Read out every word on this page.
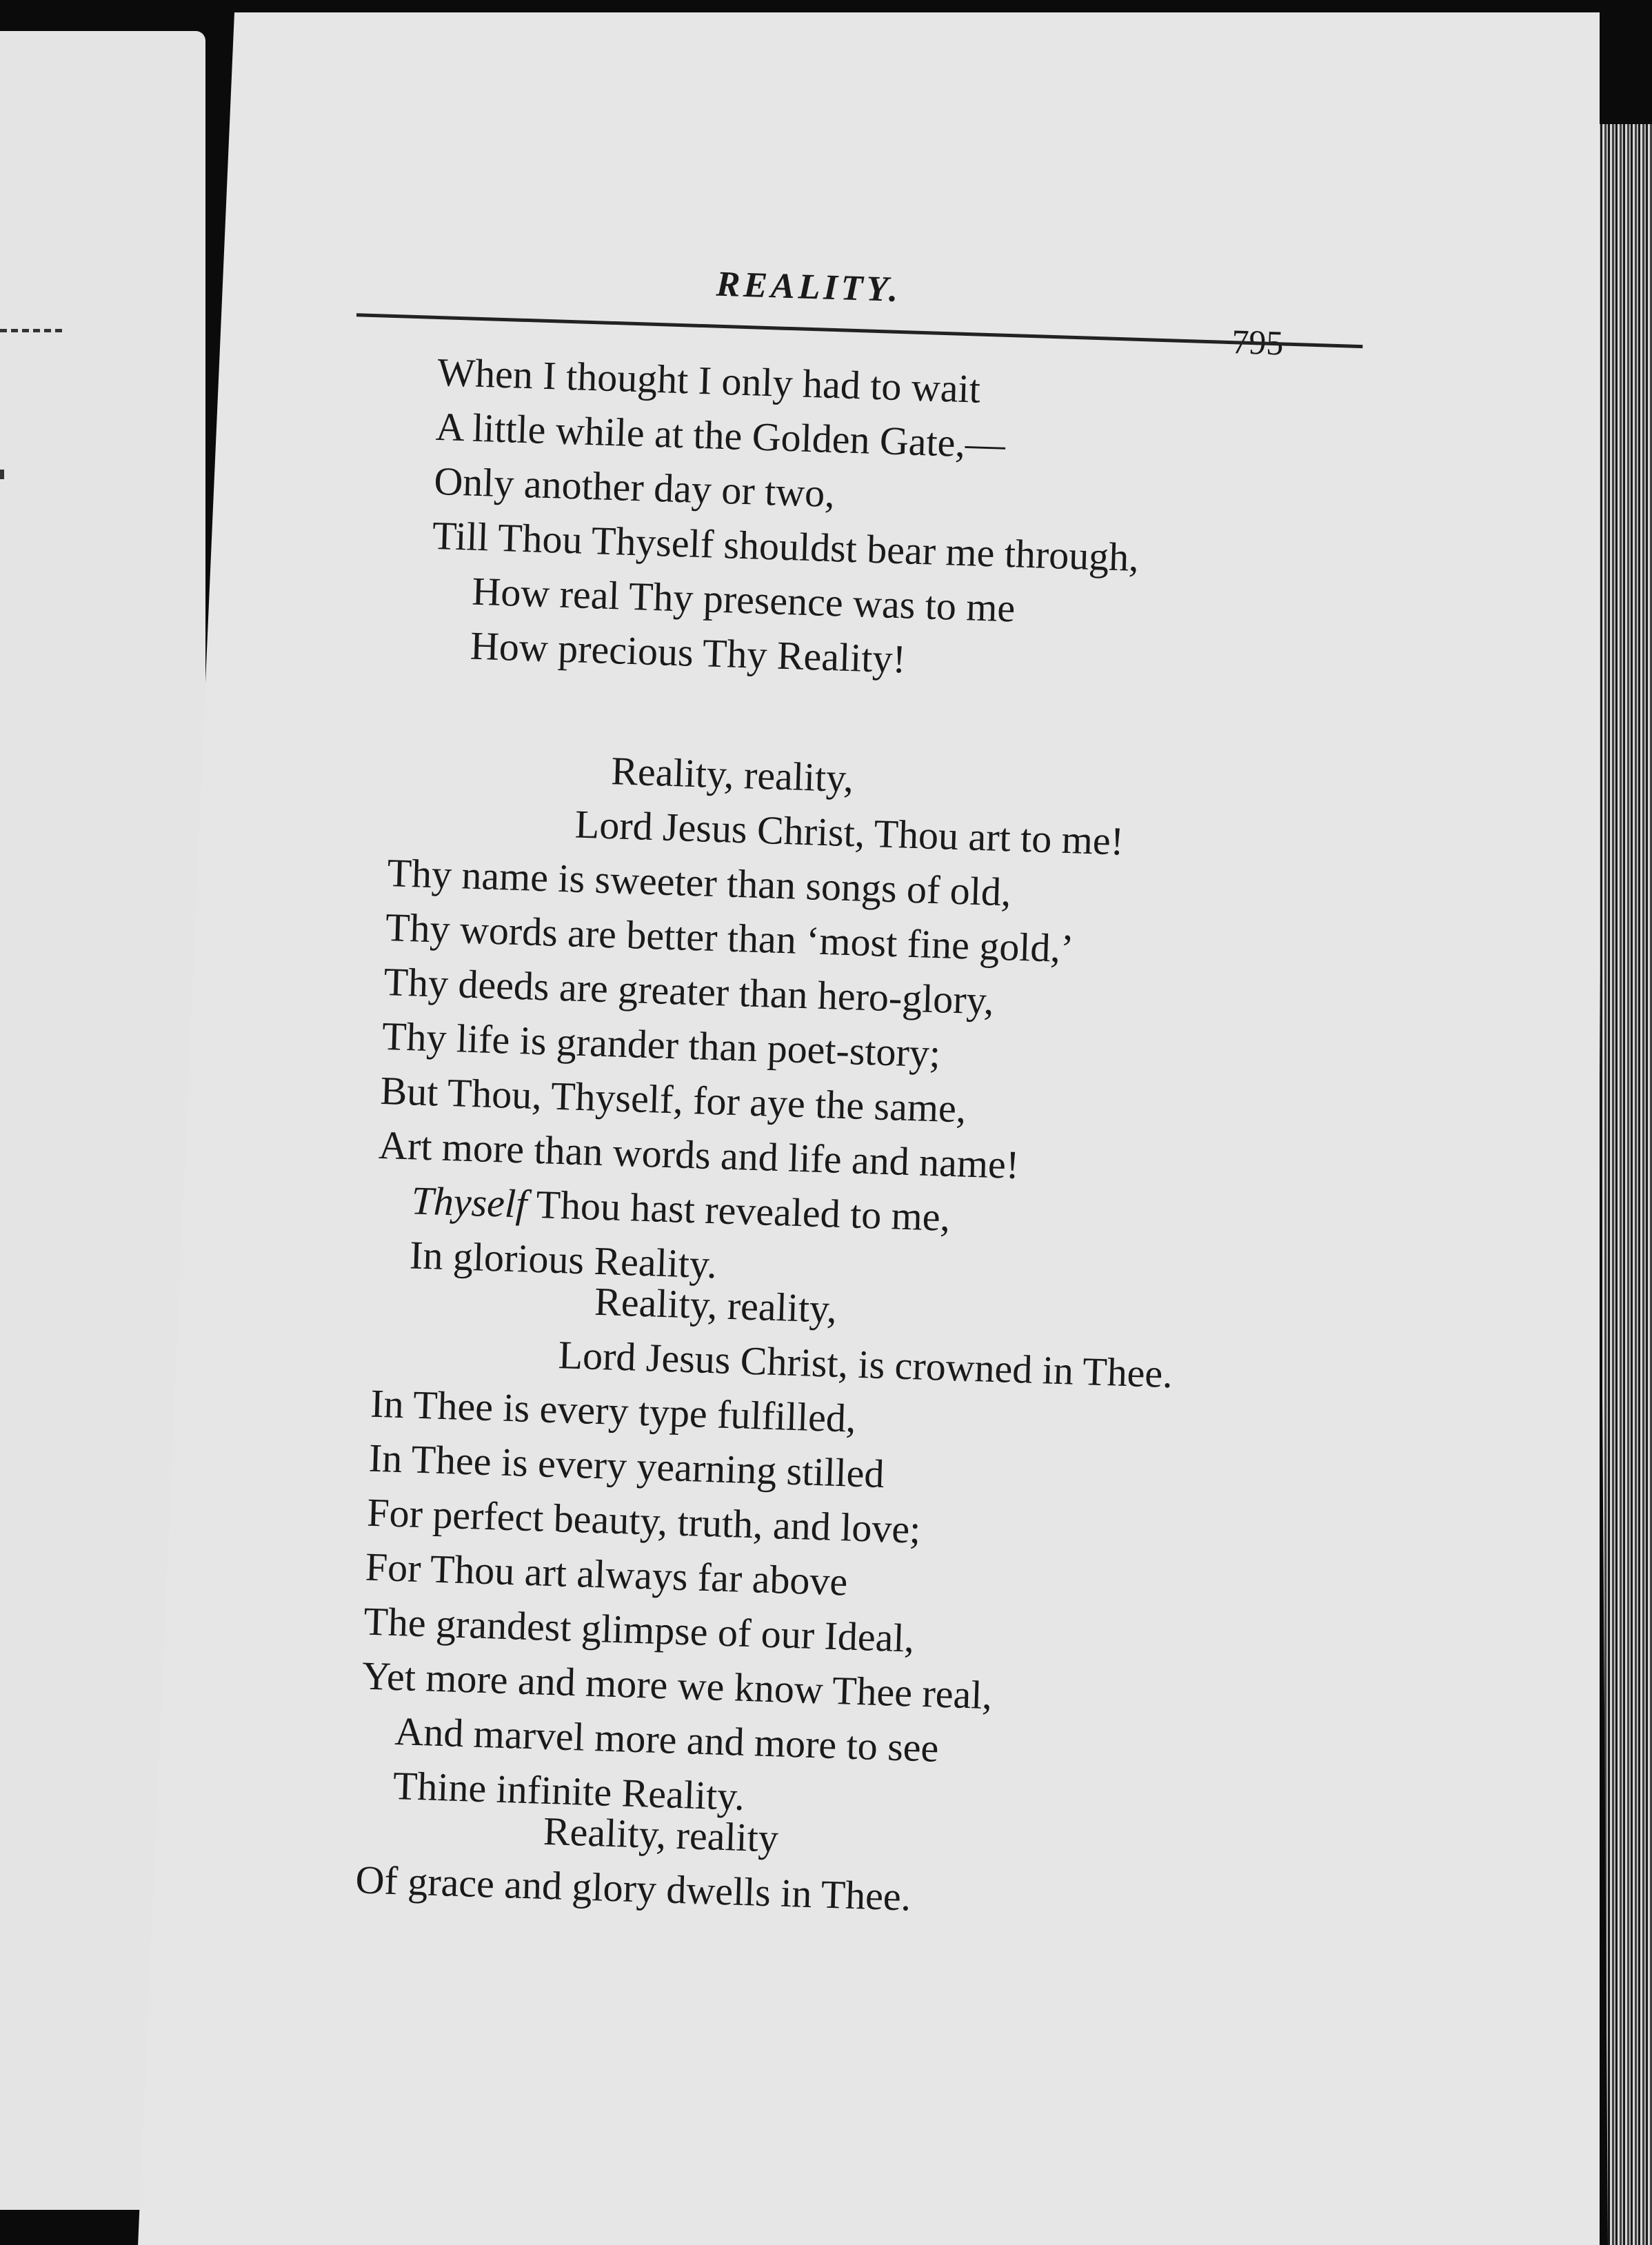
REALITY.
795
When I thought I only had to wait
A little while at the Golden Gate,—
Only another day or two,
Till Thou Thyself shouldst bear me through,
How real Thy presence was to me
How precious Thy Reality!
Reality, reality,
Lord Jesus Christ, Thou art to me!
Thy name is sweeter than songs of old,
Thy words are better than ‘most fine gold,’
Thy deeds are greater than hero-glory,
Thy life is grander than poet-story;
But Thou, Thyself, for aye the same,
Art more than words and life and name!
Thyself Thou hast revealed to me,
In glorious Reality.
Reality, reality,
Lord Jesus Christ, is crowned in Thee.
In Thee is every type fulfilled,
In Thee is every yearning stilled
For perfect beauty, truth, and love;
For Thou art always far above
The grandest glimpse of our Ideal,
Yet more and more we know Thee real,
And marvel more and more to see
Thine infinite Reality.
Reality, reality
Of grace and glory dwells in Thee.
